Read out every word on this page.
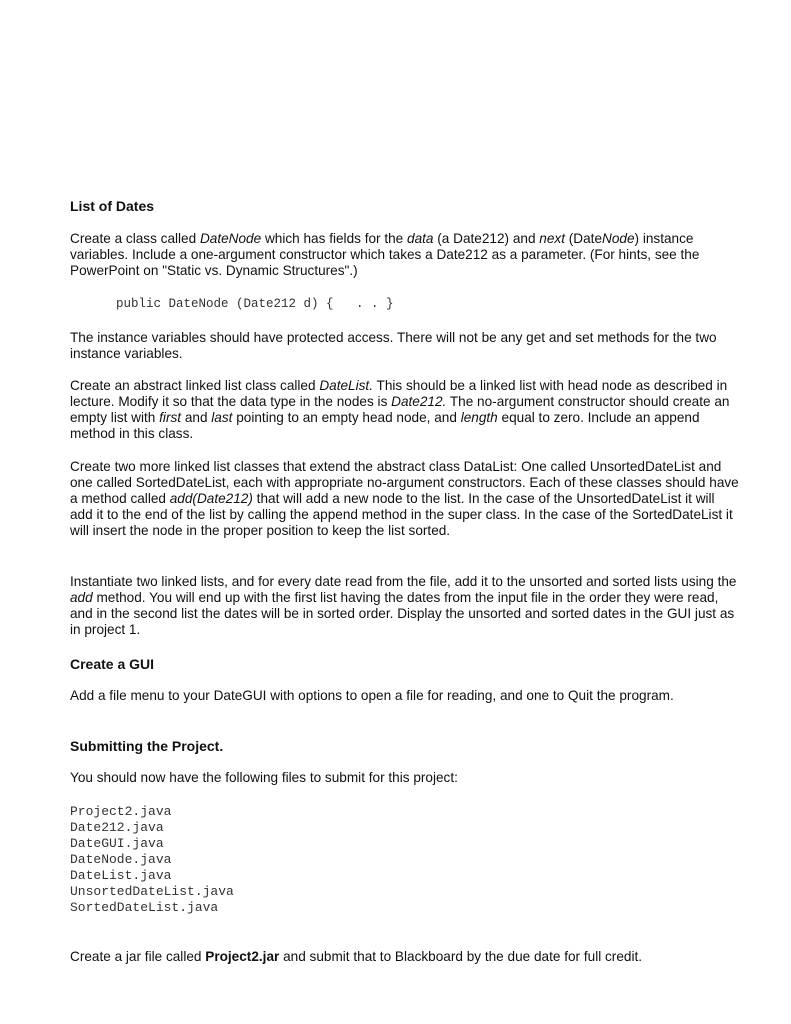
List of Dates
Create a class called DateNode which has fields for the data (a Date212) and next (DateNode) instance variables. Include a one-argument constructor which takes a Date212 as a parameter. (For hints, see the PowerPoint on "Static vs. Dynamic Structures".)
public DateNode (Date212 d) {   . . }
The instance variables should have protected access. There will not be any get and set methods for the two instance variables.
Create an abstract linked list class called DateList. This should be a linked list with head node as described in lecture. Modify it so that the data type in the nodes is Date212. The no-argument constructor should create an empty list with first and last pointing to an empty head node, and length equal to zero. Include an append method in this class.
Create two more linked list classes that extend the abstract class DataList: One called UnsortedDateList and one called SortedDateList, each with appropriate no-argument constructors. Each of these classes should have a method called add(Date212) that will add a new node to the list. In the case of the UnsortedDateList it will add it to the end of the list by calling the append method in the super class. In the case of the SortedDateList it will insert the node in the proper position to keep the list sorted.
Instantiate two linked lists, and for every date read from the file, add it to the unsorted and sorted lists using the add method. You will end up with the first list having the dates from the input file in the order they were read, and in the second list the dates will be in sorted order. Display the unsorted and sorted dates in the GUI just as in project 1.
Create a GUI
Add a file menu to your DateGUI with options to open a file for reading, and one to Quit the program.
Submitting the Project.
You should now have the following files to submit for this project:
Project2.java
Date212.java
DateGUI.java
DateNode.java
DateList.java
UnsortedDateList.java
SortedDateList.java
Create a jar file called Project2.jar and submit that to Blackboard by the due date for full credit.
